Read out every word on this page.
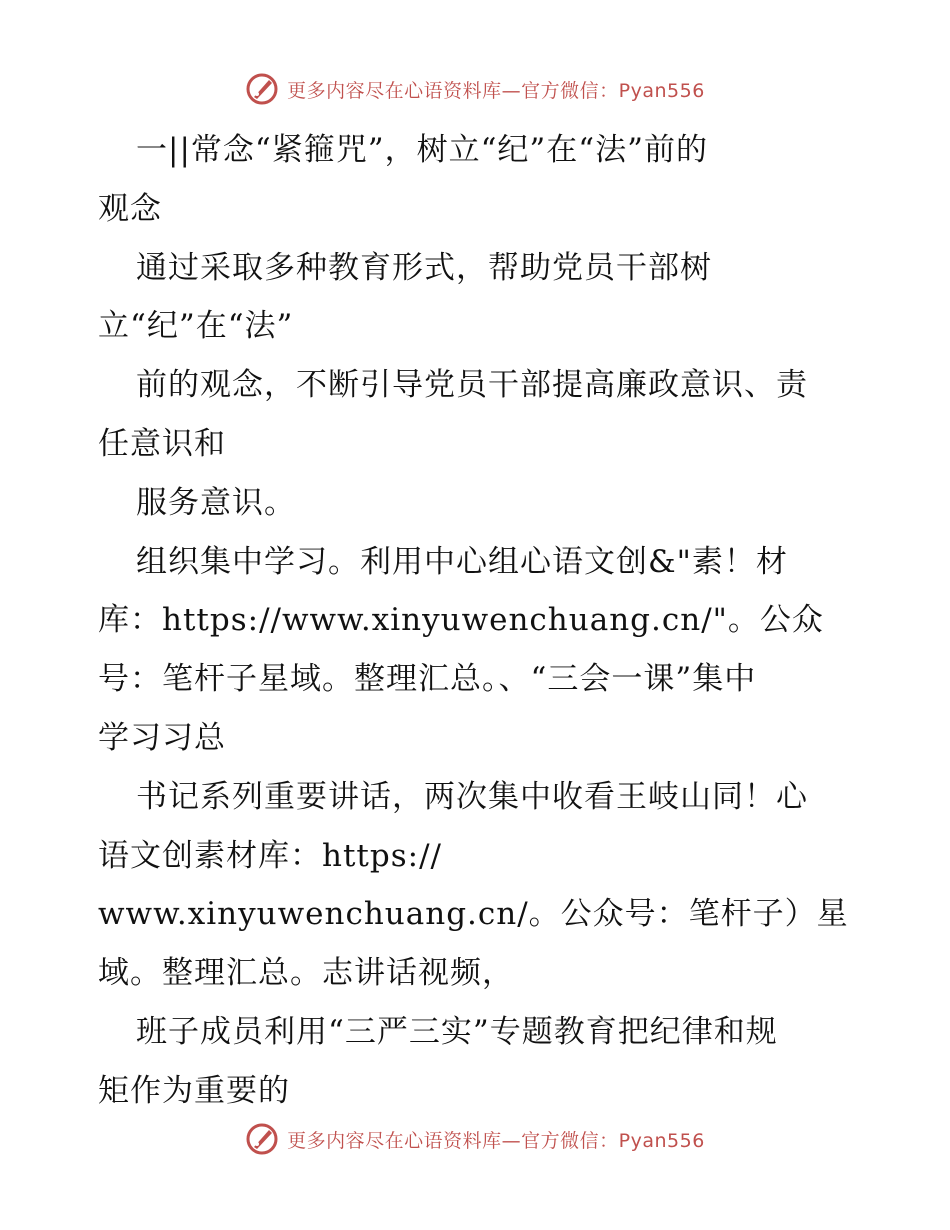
更多内容尽在心语资料库—官方微信：Pyan556
一||常念“紧箍咒”，树立“纪”在“法”前的
观念
通过采取多种教育形式，帮助党员干部树
立“纪”在“法”
前的观念，不断引导党员干部提高廉政意识、责
任意识和
服务意识。
组织集中学习。利用中心组心语文创&"素！材
库：https://www.xinyuwenchuang.cn/"。公众
号：笔杆子星域。整理汇总。、“三会一课”集中
学习习总
书记系列重要讲话，两次集中收看王岐山同！心
语文创素材库：https://
www.xinyuwenchuang.cn/。公众号：笔杆子）星
域。整理汇总。志讲话视频，
班子成员利用“三严三实”专题教育把纪律和规
矩作为重要的
更多内容尽在心语资料库—官方微信：Pyan556
